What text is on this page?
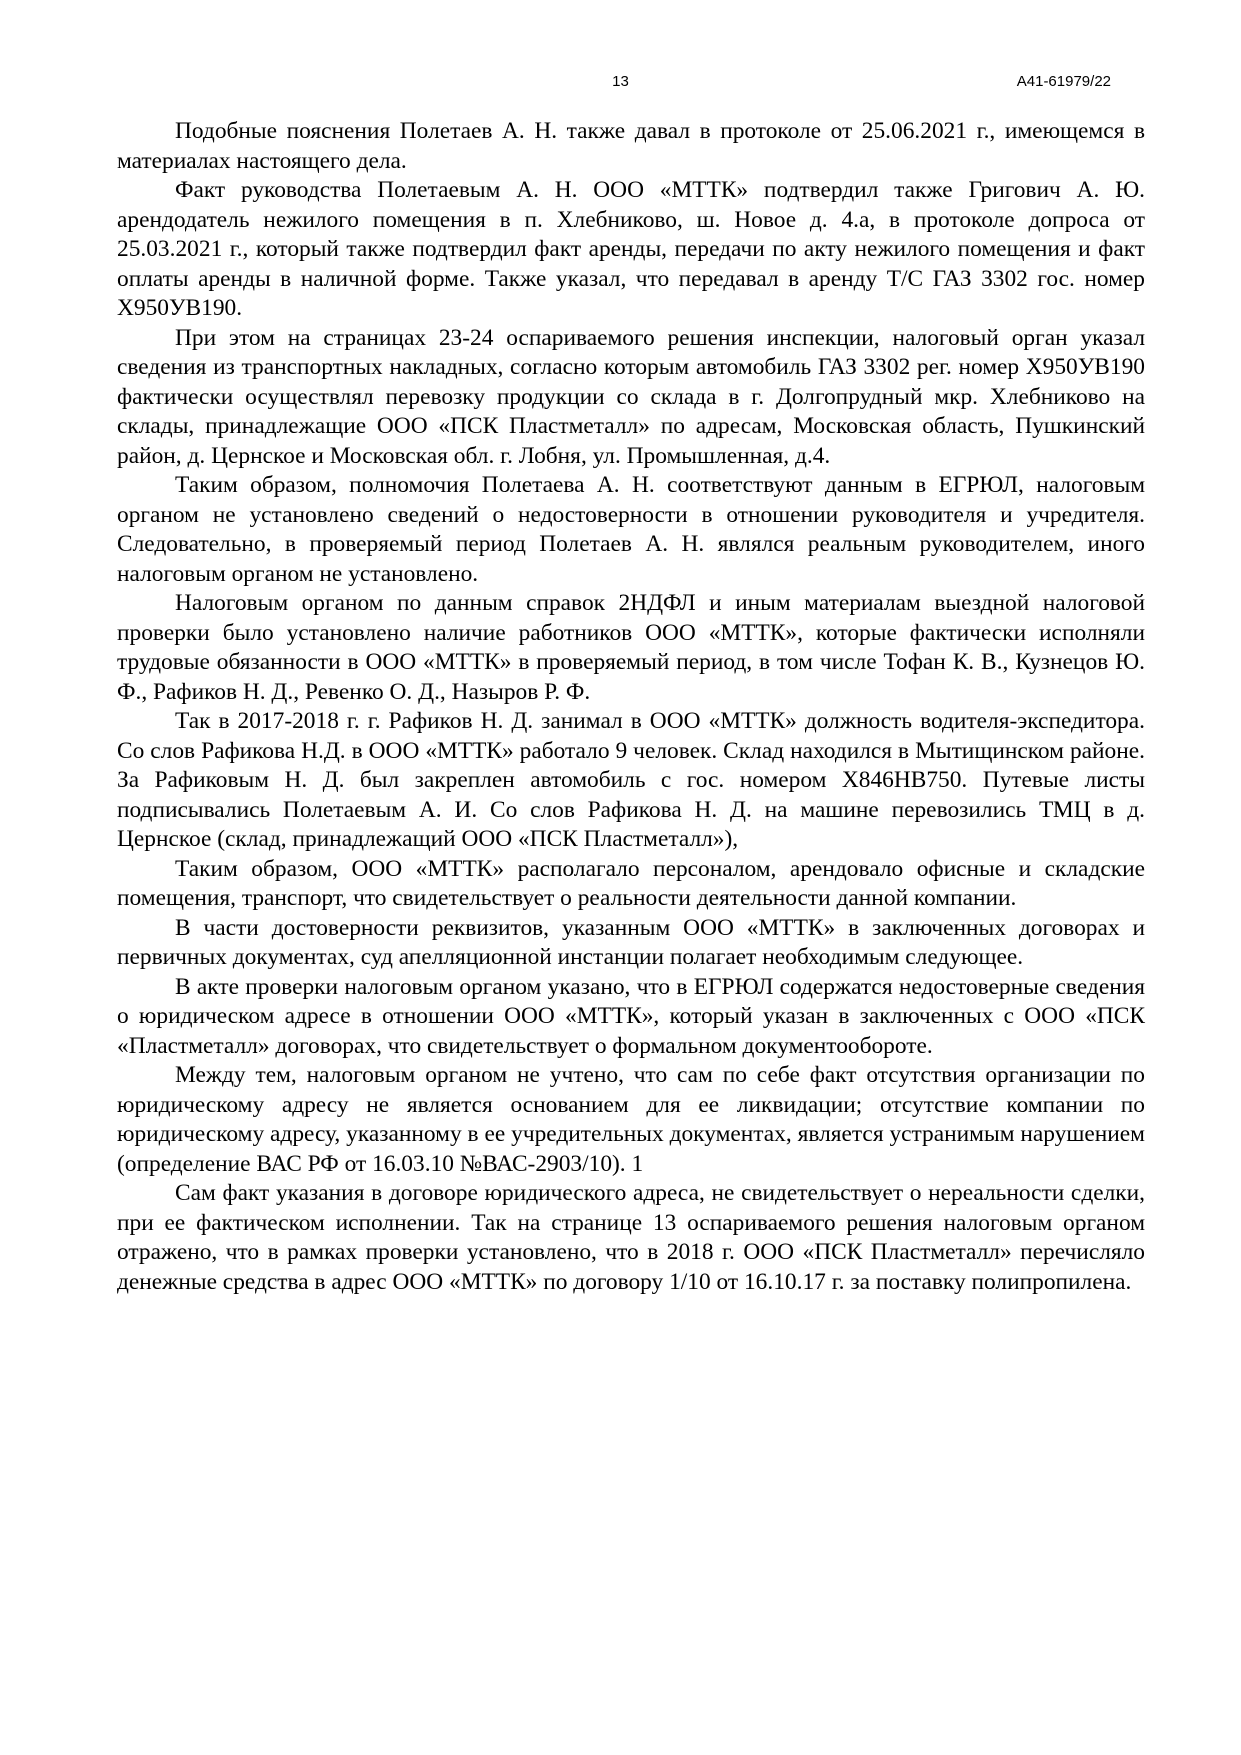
13	А41-61979/22

Подобные пояснения Полетаев А. Н. также давал в протоколе от 25.06.2021 г., имеющемся в материалах настоящего дела.

Факт руководства Полетаевым А. Н. ООО «МТТК» подтвердил также Григович А. Ю. арендодатель нежилого помещения в п. Хлебниково, ш. Новое д. 4.а, в протоколе допроса от 25.03.2021 г., который также подтвердил факт аренды, передачи по акту нежилого помещения и факт оплаты аренды в наличной форме. Также указал, что передавал в аренду Т/С ГАЗ 3302 гос. номер Х950УВ190.

При этом на страницах 23-24 оспариваемого решения инспекции, налоговый орган указал сведения из транспортных накладных, согласно которым автомобиль ГАЗ 3302 рег. номер Х950УВ190 фактически осуществлял перевозку продукции со склада в г. Долгопрудный мкр. Хлебниково на склады, принадлежащие ООО «ПСК Пластметалл» по адресам, Московская область, Пушкинский район, д. Цернское и Московская обл. г. Лобня, ул. Промышленная, д.4.

Таким образом, полномочия Полетаева А. Н. соответствуют данным в ЕГРЮЛ, налоговым органом не установлено сведений о недостоверности в отношении руководителя и учредителя. Следовательно, в проверяемый период Полетаев А. Н. являлся реальным руководителем, иного налоговым органом не установлено.

Налоговым органом по данным справок 2НДФЛ и иным материалам выездной налоговой проверки было установлено наличие работников ООО «МТТК», которые фактически исполняли трудовые обязанности в ООО «МТТК» в проверяемый период, в том числе Тофан К. В., Кузнецов Ю. Ф., Рафиков Н. Д., Ревенко О. Д., Назыров Р. Ф.

Так в 2017-2018 г. г. Рафиков Н. Д. занимал в ООО «МТТК» должность водителя-экспедитора. Со слов Рафикова Н.Д. в ООО «МТТК» работало 9 человек. Склад находился в Мытищинском районе. За Рафиковым Н. Д. был закреплен автомобиль с гос. номером Х846НВ750. Путевые листы подписывались Полетаевым А. И. Со слов Рафикова Н. Д. на машине перевозились ТМЦ в д. Цернское (склад, принадлежащий ООО «ПСК Пластметалл»),

Таким образом, ООО «МТТК» располагало персоналом, арендовало офисные и складские помещения, транспорт, что свидетельствует о реальности деятельности данной компании.

В части достоверности реквизитов, указанным ООО «МТТК» в заключенных договорах и первичных документах, суд апелляционной инстанции полагает необходимым следующее.

В акте проверки налоговым органом указано, что в ЕГРЮЛ содержатся недостоверные сведения о юридическом адресе в отношении ООО «МТТК», который указан в заключенных с ООО «ПСК «Пластметалл» договорах, что свидетельствует о формальном документообороте.

Между тем, налоговым органом не учтено, что сам по себе факт отсутствия организации по юридическому адресу не является основанием для ее ликвидации; отсутствие компании по юридическому адресу, указанному в ее учредительных документах, является устранимым нарушением (определение ВАС РФ от 16.03.10 №ВАС-2903/10). 1

Сам факт указания в договоре юридического адреса, не свидетельствует о нереальности сделки, при ее фактическом исполнении. Так на странице 13 оспариваемого решения налоговым органом отражено, что в рамках проверки установлено, что в 2018 г. ООО «ПСК Пластметалл» перечисляло денежные средства в адрес ООО «МТТК» по договору 1/10 от 16.10.17 г. за поставку полипропилена.
